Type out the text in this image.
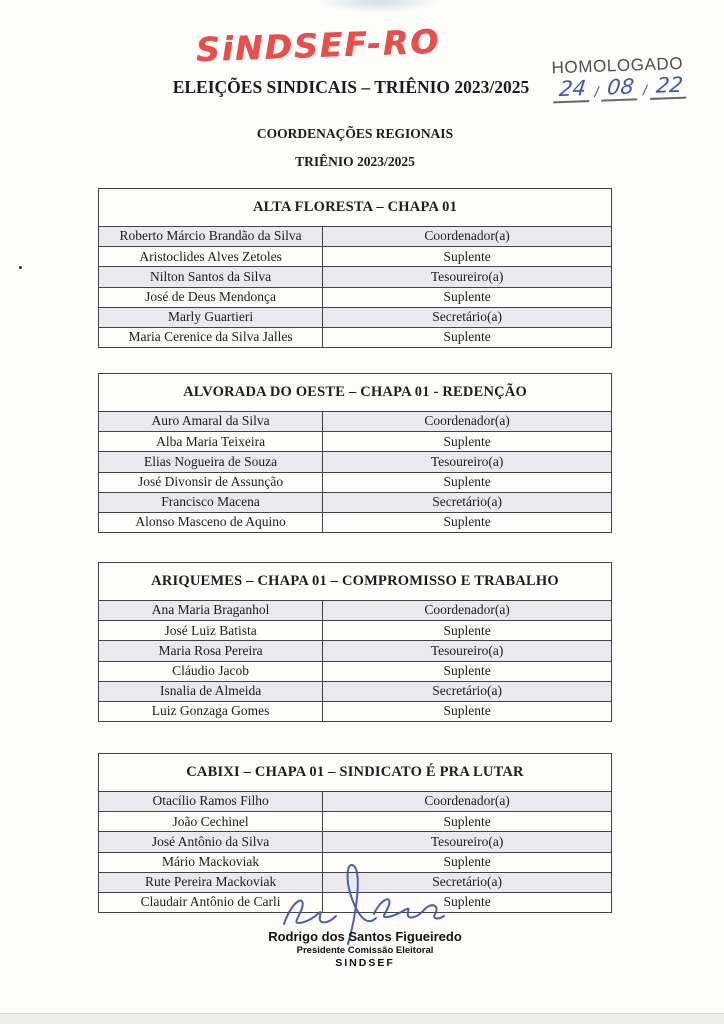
SiNDSEF-RO
ELEIÇÕES SINDICAIS – TRIÊNIO 2023/2025
COORDENAÇÕES REGIONAIS
TRIÊNIO 2023/2025
HOMOLOGADO
24 / 08 / 22
ALTA FLORESTA – CHAPA 01	
Roberto Márcio Brandão da Silva	Coordenador(a)
Aristoclides Alves Zetoles	Suplente
Nilton Santos da Silva	Tesoureiro(a)
José de Deus Mendonça	Suplente
Marly Guartieri	Secretário(a)
Maria Cerenice da Silva Jalles	Suplente
ALVORADA DO OESTE – CHAPA 01 - REDENÇÃO	
Auro Amaral da Silva	Coordenador(a)
Alba Maria Teixeira	Suplente
Elias Nogueira de Souza	Tesoureiro(a)
José Divonsir de Assunção	Suplente
Francisco Macena	Secretário(a)
Alonso Masceno de Aquino	Suplente
ARIQUEMES – CHAPA 01 – COMPROMISSO E TRABALHO	
Ana Maria Braganhol	Coordenador(a)
José Luiz Batista	Suplente
Maria Rosa Pereira	Tesoureiro(a)
Cláudio Jacob	Suplente
Isnalia de Almeida	Secretário(a)
Luiz Gonzaga Gomes	Suplente
CABIXI – CHAPA 01 – SINDICATO É PRA LUTAR	
Otacílio Ramos Filho	Coordenador(a)
João Cechinel	Suplente
José Antônio da Silva	Tesoureiro(a)
Mário Mackoviak	Suplente
Rute Pereira Mackoviak	Secretário(a)
Claudair Antônio de Carli	Suplente
Rodrigo dos Santos Figueiredo
Presidente Comissão Eleitoral
SINDSEF
